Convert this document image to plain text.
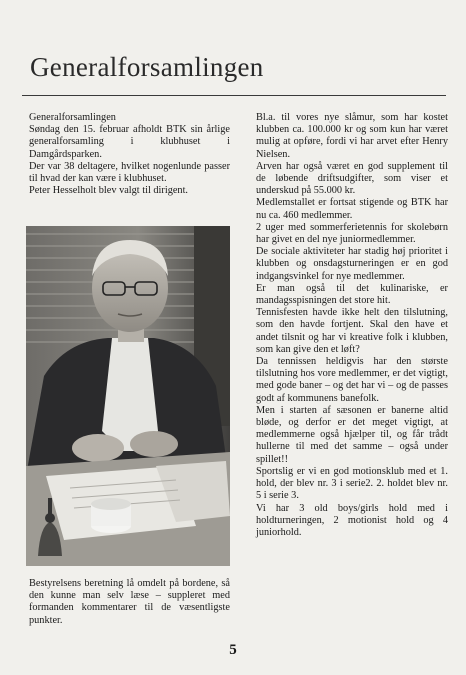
Generalforsamlingen

Generalforsamlingen

Søndag den 15. februar afholdt BTK sin årlige generalforsamling i klubhuset i Damgårdsparken.

Der var 38 deltagere, hvilket nogenlunde passer til hvad der kan være i klubhuset.

Peter Hesselholt blev valgt til dirigent.

Bestyrelsens beretning lå omdelt på bordene, så den kunne man selv læse – suppleret med formanden kommentarer til de væsentligste punkter.

Bl.a. til vores nye slåmur, som har kostet klubben ca. 100.000 kr og som kun har været mulig at opføre, fordi vi har arvet efter Henry Nielsen.

Arven har også været en god supplement til de løbende driftsudgifter, som viser et underskud på 55.000 kr.

Medlemstallet er fortsat stigende og BTK har nu ca. 460 medlemmer.

2 uger med sommerferietennis for skolebørn har givet en del nye juniormedlemmer.

De sociale aktiviteter har stadig høj prioritet i klubben og onsdagsturneringen er en god indgangsvinkel for nye medlemmer.

Er man også til det kulinariske, er mandagsspisningen det store hit.

Tennisfesten havde ikke helt den tilslutning, som den havde fortjent. Skal den have et andet tilsnit og har vi kreative folk i klubben, som kan give den et løft?

Da tennissen heldigvis har den største tilslutning hos vore medlemmer, er det vigtigt, med gode baner – og det har vi – og de passes godt af kommunens banefolk.

Men i starten af sæsonen er banerne altid bløde, og derfor er det meget vigtigt, at medlemmerne også hjælper til, og får trådt hullerne til med det samme – også under spillet!!

Sportslig er vi en god motionsklub med et 1. hold, der blev nr. 3 i serie2. 2. holdet blev nr. 5 i serie 3.

Vi har 3 old boys/girls hold med i holdturneringen, 2 motionist hold og 4 juniorhold.

5
